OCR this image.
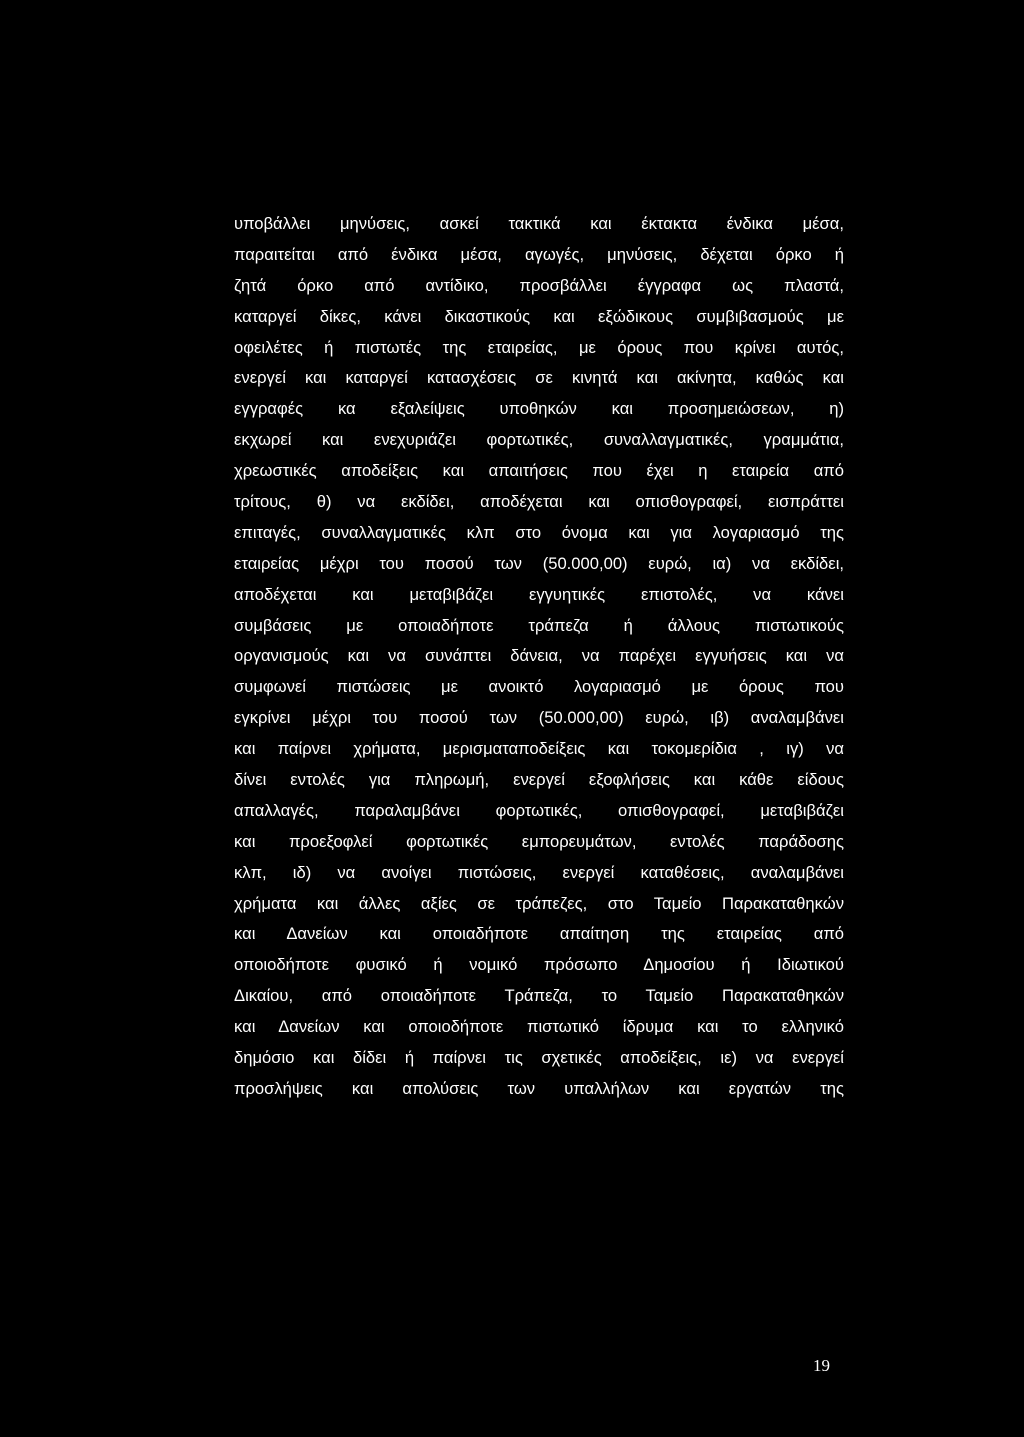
υποβάλλει μηνύσεις, ασκεί τακτικά και έκτακτα ένδικα μέσα,
παραιτείται από ένδικα μέσα, αγωγές, μηνύσεις, δέχεται όρκο ή
ζητά όρκο από αντίδικο, προσβάλλει έγγραφα ως πλαστά,
καταργεί δίκες, κάνει δικαστικούς και εξώδικους συμβιβασμούς με
οφειλέτες ή πιστωτές της εταιρείας, με όρους που κρίνει αυτός,
ενεργεί και καταργεί κατασχέσεις σε κινητά και ακίνητα, καθώς και
εγγραφές κα εξαλείψεις υποθηκών και προσημειώσεων, η)
εκχωρεί και ενεχυριάζει φορτωτικές, συναλλαγματικές, γραμμάτια,
χρεωστικές αποδείξεις και απαιτήσεις που έχει η εταιρεία από
τρίτους, θ) να εκδίδει, αποδέχεται και οπισθογραφεί, εισπράττει
επιταγές, συναλλαγματικές κλπ στο όνομα και για λογαριασμό της
εταιρείας μέχρι του ποσού των (50.000,00) ευρώ, ια) να εκδίδει,
αποδέχεται και μεταβιβάζει εγγυητικές επιστολές, να κάνει
συμβάσεις με οποιαδήποτε τράπεζα ή άλλους πιστωτικούς
οργανισμούς και να συνάπτει δάνεια, να παρέχει εγγυήσεις και να
συμφωνεί πιστώσεις με ανοικτό λογαριασμό με όρους που
εγκρίνει μέχρι του ποσού των (50.000,00) ευρώ, ιβ) αναλαμβάνει
και παίρνει χρήματα, μερισματαποδείξεις και τοκομερίδια , ιγ) να
δίνει εντολές για πληρωμή, ενεργεί εξοφλήσεις και κάθε είδους
απαλλαγές, παραλαμβάνει φορτωτικές, οπισθογραφεί, μεταβιβάζει
και προεξοφλεί φορτωτικές εμπορευμάτων, εντολές παράδοσης
κλπ, ιδ) να ανοίγει πιστώσεις, ενεργεί καταθέσεις, αναλαμβάνει
χρήματα και άλλες αξίες σε τράπεζες, στο Ταμείο Παρακαταθηκών
και Δανείων και οποιαδήποτε απαίτηση της εταιρείας από
οποιοδήποτε φυσικό ή νομικό πρόσωπο Δημοσίου ή Ιδιωτικού
Δικαίου, από οποιαδήποτε Τράπεζα, το Ταμείο Παρακαταθηκών
και Δανείων και οποιοδήποτε πιστωτικό ίδρυμα και το ελληνικό
δημόσιο και δίδει ή παίρνει τις σχετικές αποδείξεις, ιε) να ενεργεί
προσλήψεις και απολύσεις των υπαλλήλων και εργατών της
19
